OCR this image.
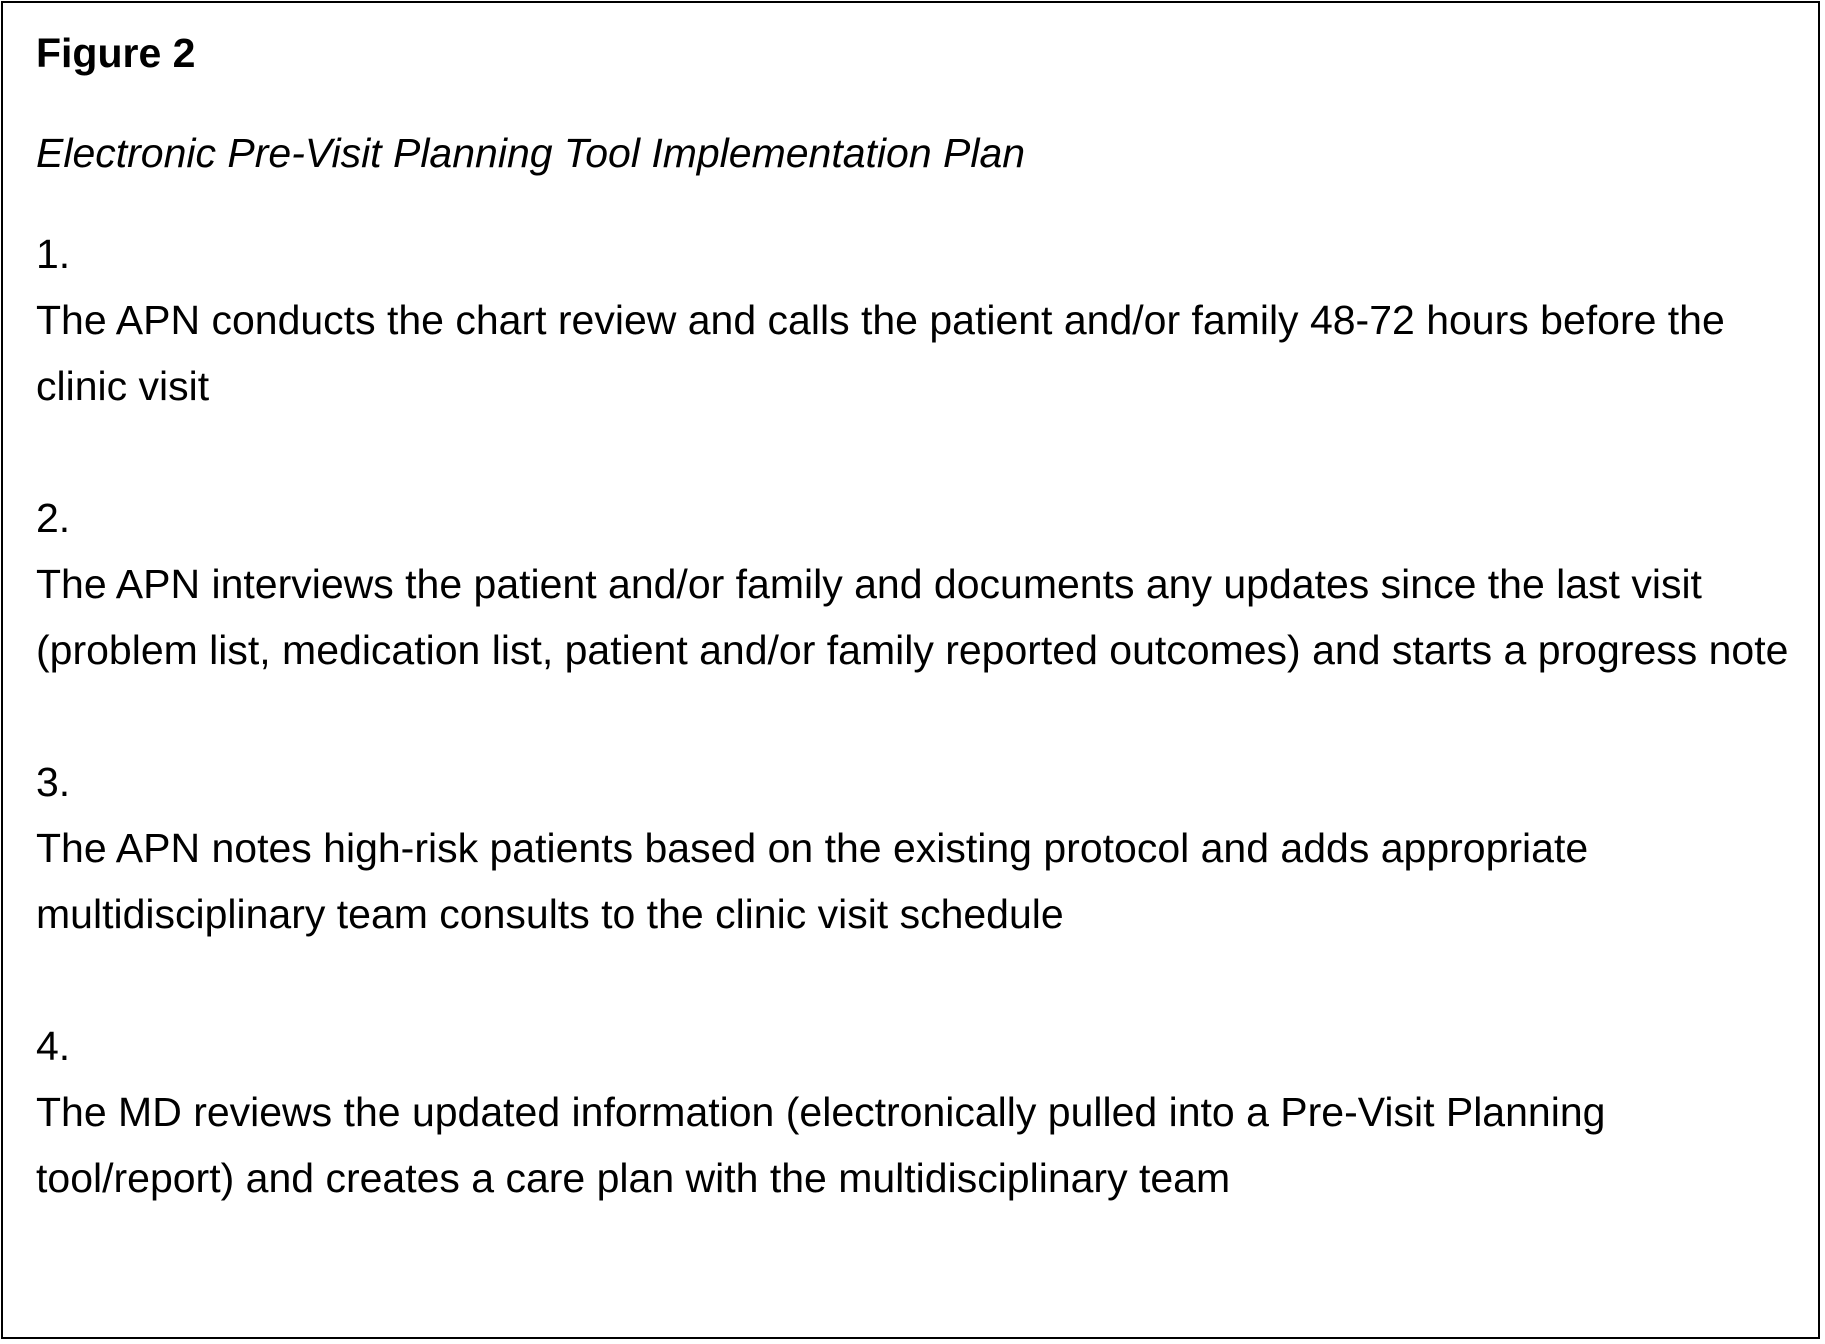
Figure 2

Electronic Pre-Visit Planning Tool Implementation Plan

1.
The APN conducts the chart review and calls the patient and/or family 48-72 hours before the clinic visit
2.
The APN interviews the patient and/or family and documents any updates since the last visit (problem list, medication list, patient and/or family reported outcomes) and starts a progress note
3.
The APN notes high-risk patients based on the existing protocol and adds appropriate multidisciplinary team consults to the clinic visit schedule
4.
The MD reviews the updated information (electronically pulled into a Pre-Visit Planning tool/report) and creates a care plan with the multidisciplinary team
